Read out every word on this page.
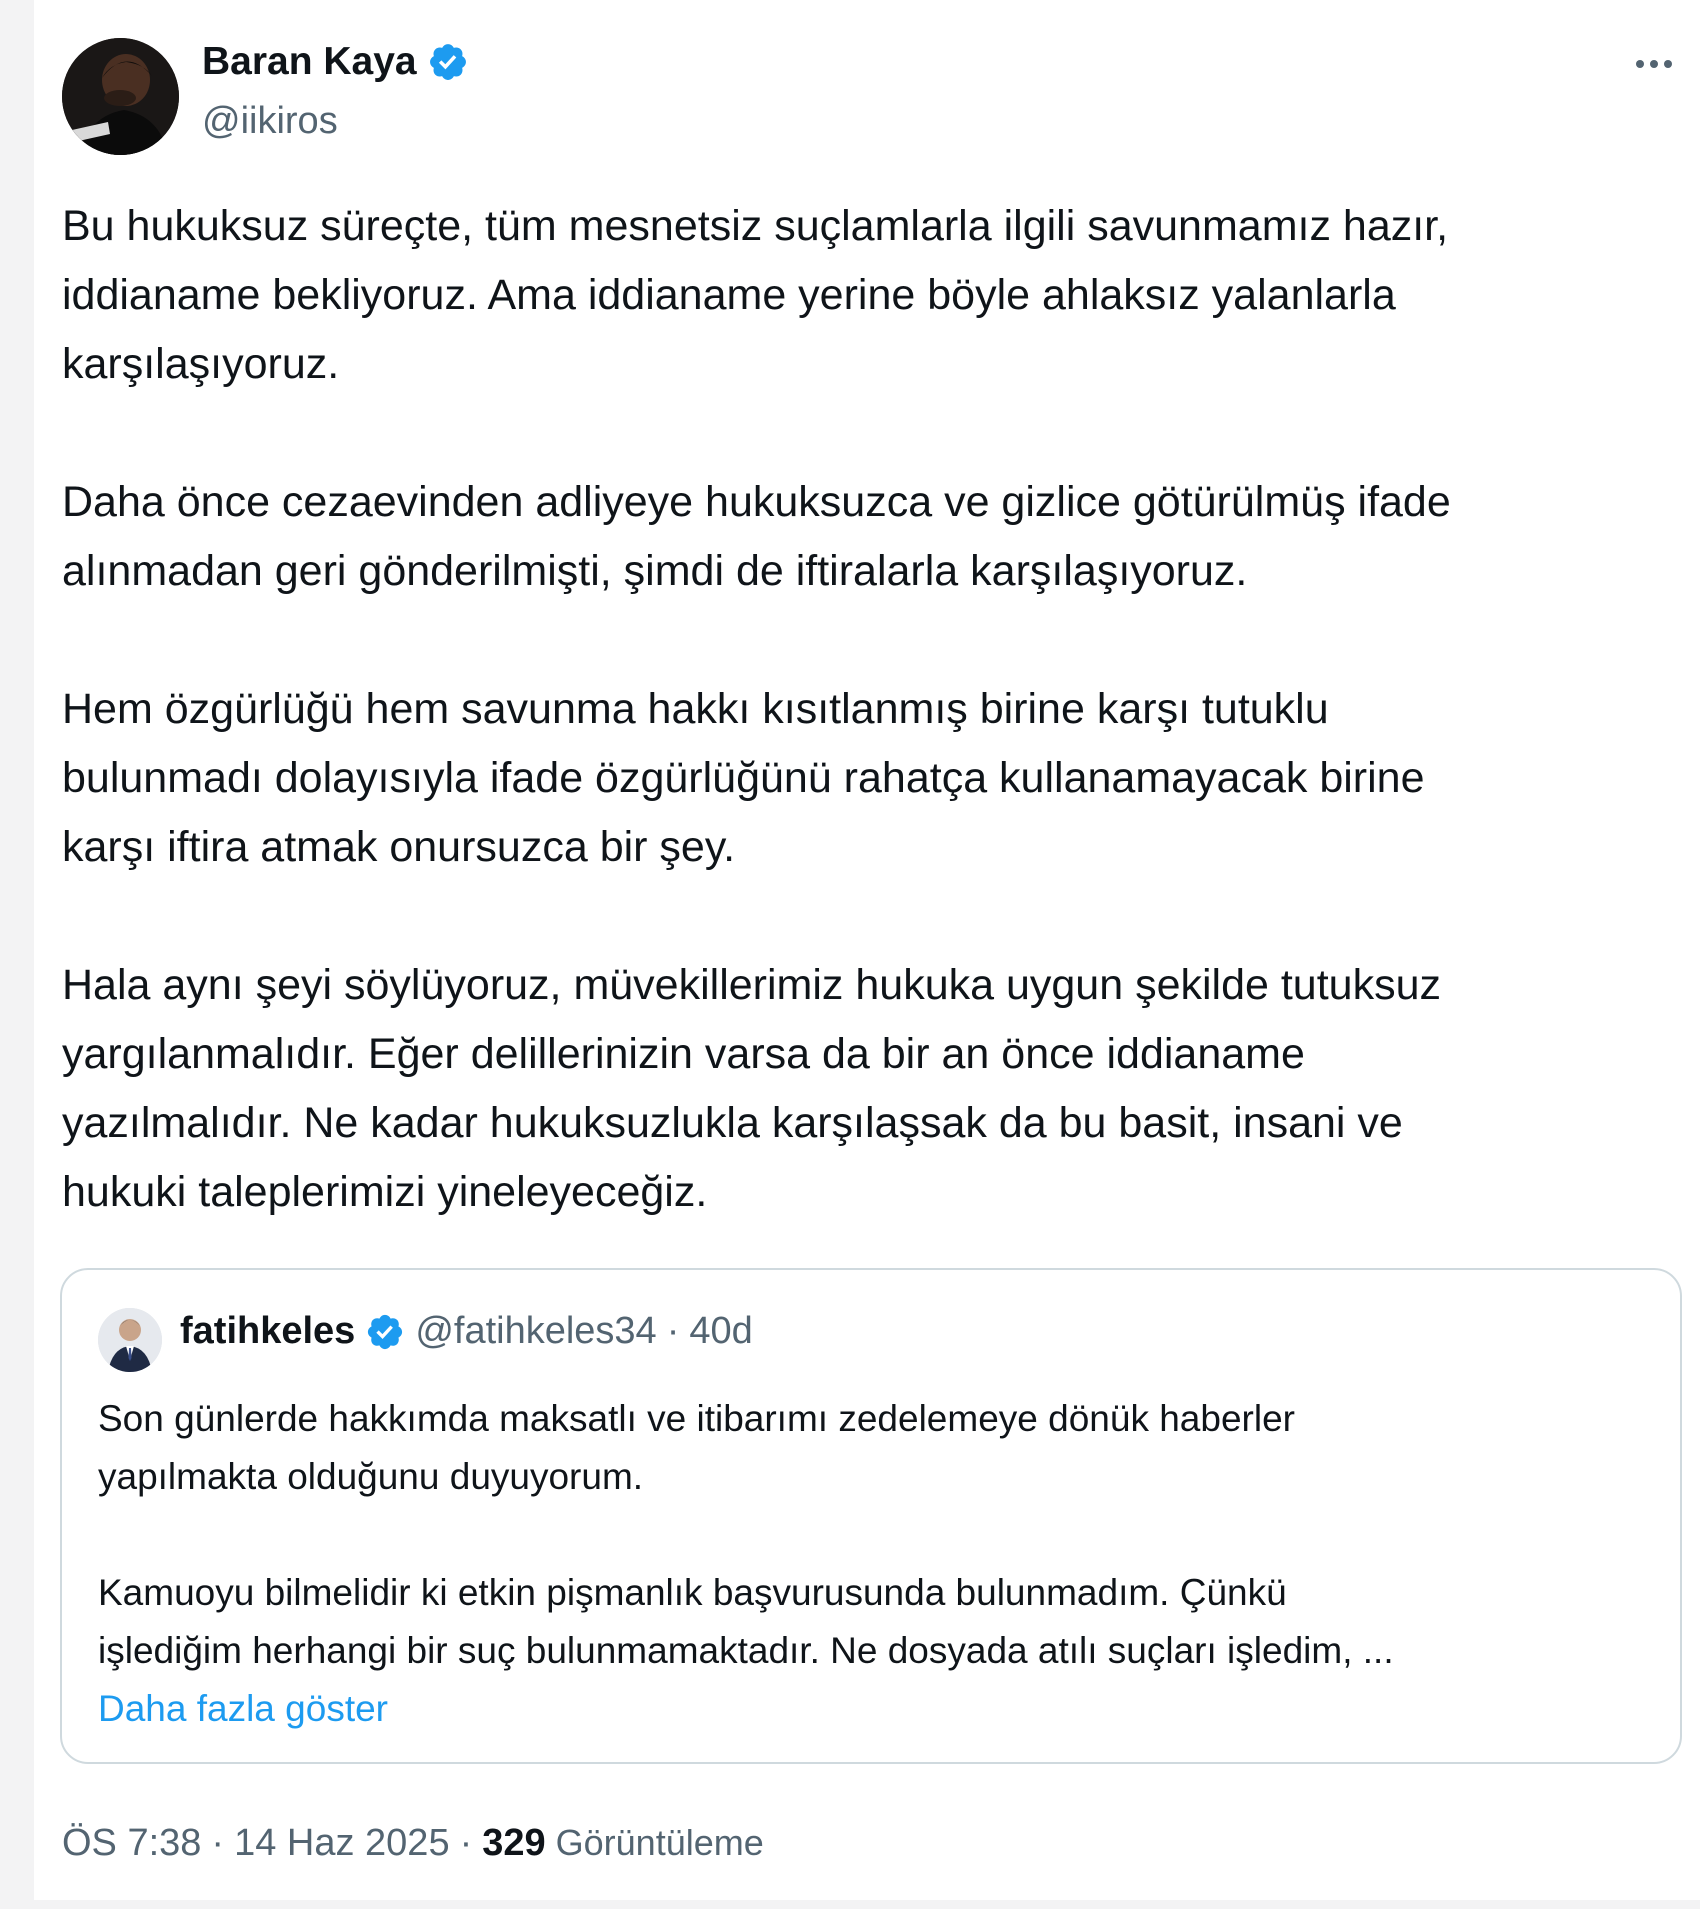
Baran Kaya
@iikiros

Bu hukuksuz süreçte, tüm mesnetsiz suçlamlarla ilgili savunmamız hazır,
iddianame bekliyoruz. Ama iddianame yerine böyle ahlaksız yalanlarla
karşılaşıyoruz.

Daha önce cezaevinden adliyeye hukuksuzca ve gizlice götürülmüş ifade
alınmadan geri gönderilmişti, şimdi de iftiralarla karşılaşıyoruz.

Hem özgürlüğü hem savunma hakkı kısıtlanmış birine karşı tutuklu
bulunmadı dolayısıyla ifade özgürlüğünü rahatça kullanamayacak birine
karşı iftira atmak onursuzca bir şey.

Hala aynı şeyi söylüyoruz, müvekillerimiz hukuka uygun şekilde tutuksuz
yargılanmalıdır. Eğer delillerinizin varsa da bir an önce iddianame
yazılmalıdır. Ne kadar hukuksuzlukla karşılaşsak da bu basit, insani ve
hukuki taleplerimizi yineleyeceğiz.

fatihkeles @fatihkeles34 · 40d

Son günlerde hakkımda maksatlı ve itibarımı zedelemeye dönük haberler
yapılmakta olduğunu duyuyorum.

Kamuoyu bilmelidir ki etkin pişmanlık başvurusunda bulunmadım. Çünkü
işlediğim herhangi bir suç bulunmamaktadır. Ne dosyada atılı suçları işledim, ...

Daha fazla göster
ÖS 7:38 · 14 Haz 2025 · 329 Görüntüleme
